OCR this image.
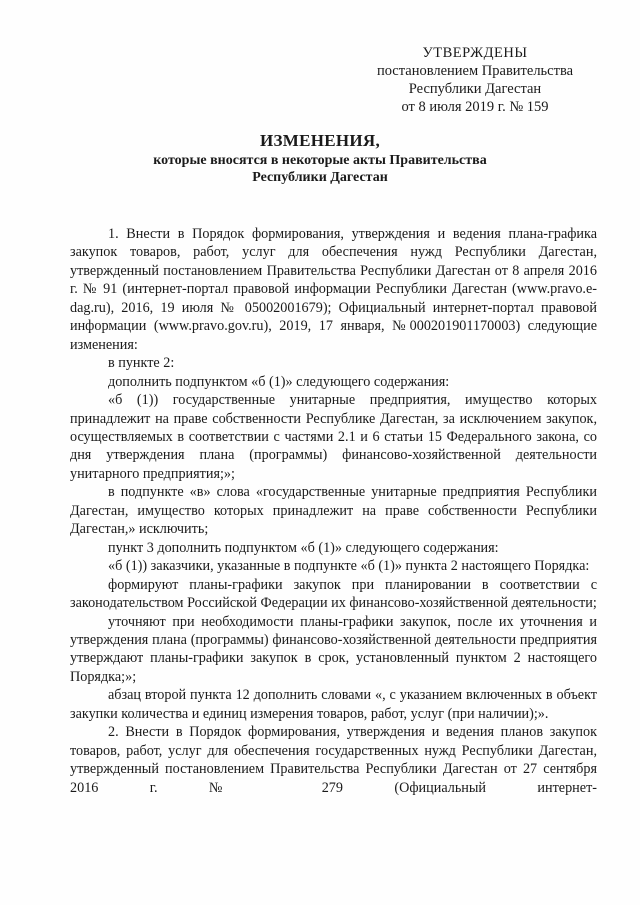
УТВЕРЖДЕНЫ
постановлением Правительства
Республики Дагестан
от 8 июля 2019 г. № 159
ИЗМЕНЕНИЯ,
которые вносятся в некоторые акты Правительства
Республики Дагестан

1. Внести в Порядок формирования, утверждения и ведения плана-графика закупок товаров, работ, услуг для обеспечения нужд Республики Дагестан, утвержденный постановлением Правительства Республики Дагестан от 8 апреля 2016 г. № 91 (интернет-портал правовой информации Республики Дагестан (www.pravo.e-dag.ru), 2016, 19 июля № 05002001679); Официальный интернет-портал правовой информации (www.pravo.gov.ru), 2019, 17 января, №000201901170003) следующие изменения:

в пункте 2:

дополнить подпунктом «б (1)» следующего содержания:

«б (1)) государственные унитарные предприятия, имущество которых принадлежит на праве собственности Республике Дагестан, за исключением закупок, осуществляемых в соответствии с частями 2.1 и 6 статьи 15 Федерального закона, со дня утверждения плана (программы) финансово-хозяйственной деятельности унитарного предприятия;»;

в подпункте «в» слова «государственные унитарные предприятия Республики Дагестан, имущество которых принадлежит на праве собственности Республики Дагестан,» исключить;

пункт 3 дополнить подпунктом «б (1)» следующего содержания:

«б (1)) заказчики, указанные в подпункте «б (1)» пункта 2 настоящего Порядка:

формируют планы-графики закупок при планировании в соответствии с законодательством Российской Федерации их финансово-хозяйственной деятельности;

уточняют при необходимости планы-графики закупок, после их уточнения и утверждения плана (программы) финансово-хозяйственной деятельности предприятия утверждают планы-графики закупок в срок, установленный пунктом 2 настоящего Порядка;»;

абзац второй пункта 12 дополнить словами «, с указанием включенных в объект закупки количества и единиц измерения товаров, работ, услуг (при наличии);».

2. Внести в Порядок формирования, утверждения и ведения планов закупок товаров, работ, услуг для обеспечения государственных нужд Республики Дагестан, утвержденный постановлением Правительства Республики Дагестан от 27 сентября 2016 г. № 279 (Официальный интернет-
